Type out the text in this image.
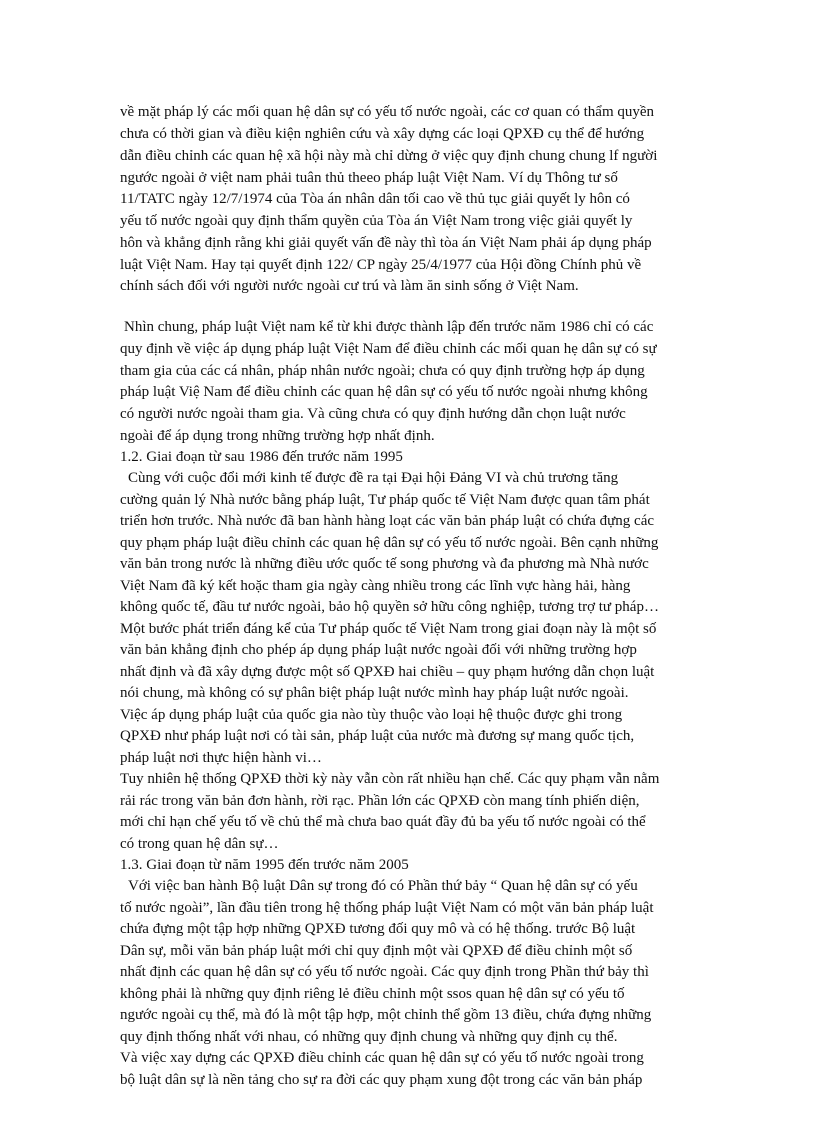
về mặt pháp lý các mối quan hệ dân sự có yếu tố nước ngoài, các cơ quan có thẩm quyền
chưa có thời gian và điều kiện nghiên cứu và xây dựng các loại QPXĐ cụ thể để hướng
dẫn điều chỉnh các quan hệ xã hội này mà chỉ dừng ở việc quy định chung chung lf người
ngước ngoài ở việt nam phải tuân thủ theeo pháp luật Việt Nam. Ví dụ Thông tư số
11/TATC ngày 12/7/1974 của Tòa án nhân dân tối cao về thủ tục giải quyết ly hôn có
yếu tố nước ngoài quy định thẩm quyền của Tòa án Việt Nam trong việc giải quyết ly
hôn và khẳng định rằng khi giải quyết vấn đề này thì tòa án Việt Nam phải áp dụng pháp
luật Việt Nam. Hay tại quyết định 122/ CP ngày 25/4/1977 của Hội đồng Chính phủ về
chính sách đối với người nước ngoài cư trú và làm ăn sinh sống ở Việt Nam.
Nhìn chung, pháp luật Việt nam kể từ khi được thành lập đến trước năm 1986 chỉ có các
quy định về việc áp dụng pháp luật Việt Nam để điều chỉnh các mối quan hẹ dân sự có sự
tham gia của các cá nhân, pháp nhân nước ngoài; chưa có quy định trường hợp áp dụng
pháp luật Việ Nam để điều chỉnh các quan hệ dân sự có yếu tố nước ngoài nhưng không
có người nước ngoài tham gia. Và cũng chưa có quy định hướng dẫn chọn luật nước
ngoài để áp dụng trong những trường hợp nhất định.
1.2. Giai đoạn từ sau 1986 đến trước năm 1995
Cùng với cuộc đổi mới kinh tế được đề ra tại Đại hội Đảng VI và chủ trương tăng
cường quản lý Nhà nước bằng pháp luật, Tư pháp quốc tế Việt Nam được quan tâm phát
triển hơn trước. Nhà nước đã ban hành hàng loạt các văn bản pháp luật có chứa đựng các
quy phạm pháp luật điều chỉnh các quan hệ dân sự có yếu tố nước ngoài. Bên cạnh những
văn bản trong nước là những điều ước quốc tế song phương và đa phương mà Nhà nước
Việt Nam đã ký kết hoặc tham gia ngày càng nhiều trong các lĩnh vực hàng hải, hàng
không quốc tế, đầu tư nước ngoài, bảo hộ quyền sở hữu công nghiệp, tương trợ tư pháp…
Một bước phát triển đáng kể của Tư pháp quốc tế Việt Nam trong giai đoạn này là một số
văn bản khẳng định cho phép áp dụng pháp luật nước ngoài đối với những trường hợp
nhất định và đã xây dựng được một số QPXĐ hai chiều – quy phạm hướng dẫn chọn luật
nói chung, mà không có sự phân biệt pháp luật nước mình hay pháp luật nước ngoài.
Việc áp dụng pháp luật của quốc gia nào tùy thuộc vào loại hệ thuộc được ghi trong
QPXĐ như pháp luật nơi có tài sản, pháp luật của nước mà đương sự mang quốc tịch,
pháp luật nơi thực hiện hành vi…
Tuy nhiên hệ thống QPXĐ thời kỳ này vẫn còn rất nhiều hạn chế. Các quy phạm vẫn nằm
rải rác trong văn bản đơn hành, rời rạc. Phần lớn các QPXĐ còn mang tính phiến diện,
mới chỉ hạn chế yếu tố về chủ thể mà chưa bao quát đầy đủ ba yếu tố nước ngoài có thể
có trong quan hệ dân sự…
1.3. Giai đoạn từ năm 1995 đến trước năm 2005
Với việc ban hành Bộ luật Dân sự trong đó có Phần thứ bảy “ Quan hệ dân sự có yếu
tố nước ngoài”, lần đầu tiên trong hệ thống pháp luật Việt Nam có một văn bản pháp luật
chứa đựng một tập hợp những QPXĐ tương đối quy mô và có hệ thống. trước Bộ luật
Dân sự, mỗi văn bản pháp luật mới chỉ quy định một vài QPXĐ để điều chỉnh một số
nhất định các quan hệ dân sự có yếu tố nước ngoài. Các quy định trong Phần thứ bảy thì
không phải là những quy định riêng lẻ điều chỉnh một ssos quan hệ dân sự có yếu tố
ngước ngoài cụ thể, mà đó là một tập hợp, một chỉnh thể gồm 13 điều, chứa đựng những
quy định thống nhất với nhau, có những quy định chung và những quy định cụ thể.
Và việc xay dựng các QPXĐ điều chỉnh các quan hệ dân sự có yếu tố nước ngoài trong
bộ luật dân sự là nền tảng cho sự ra đời các quy phạm xung đột trong các văn bản pháp
